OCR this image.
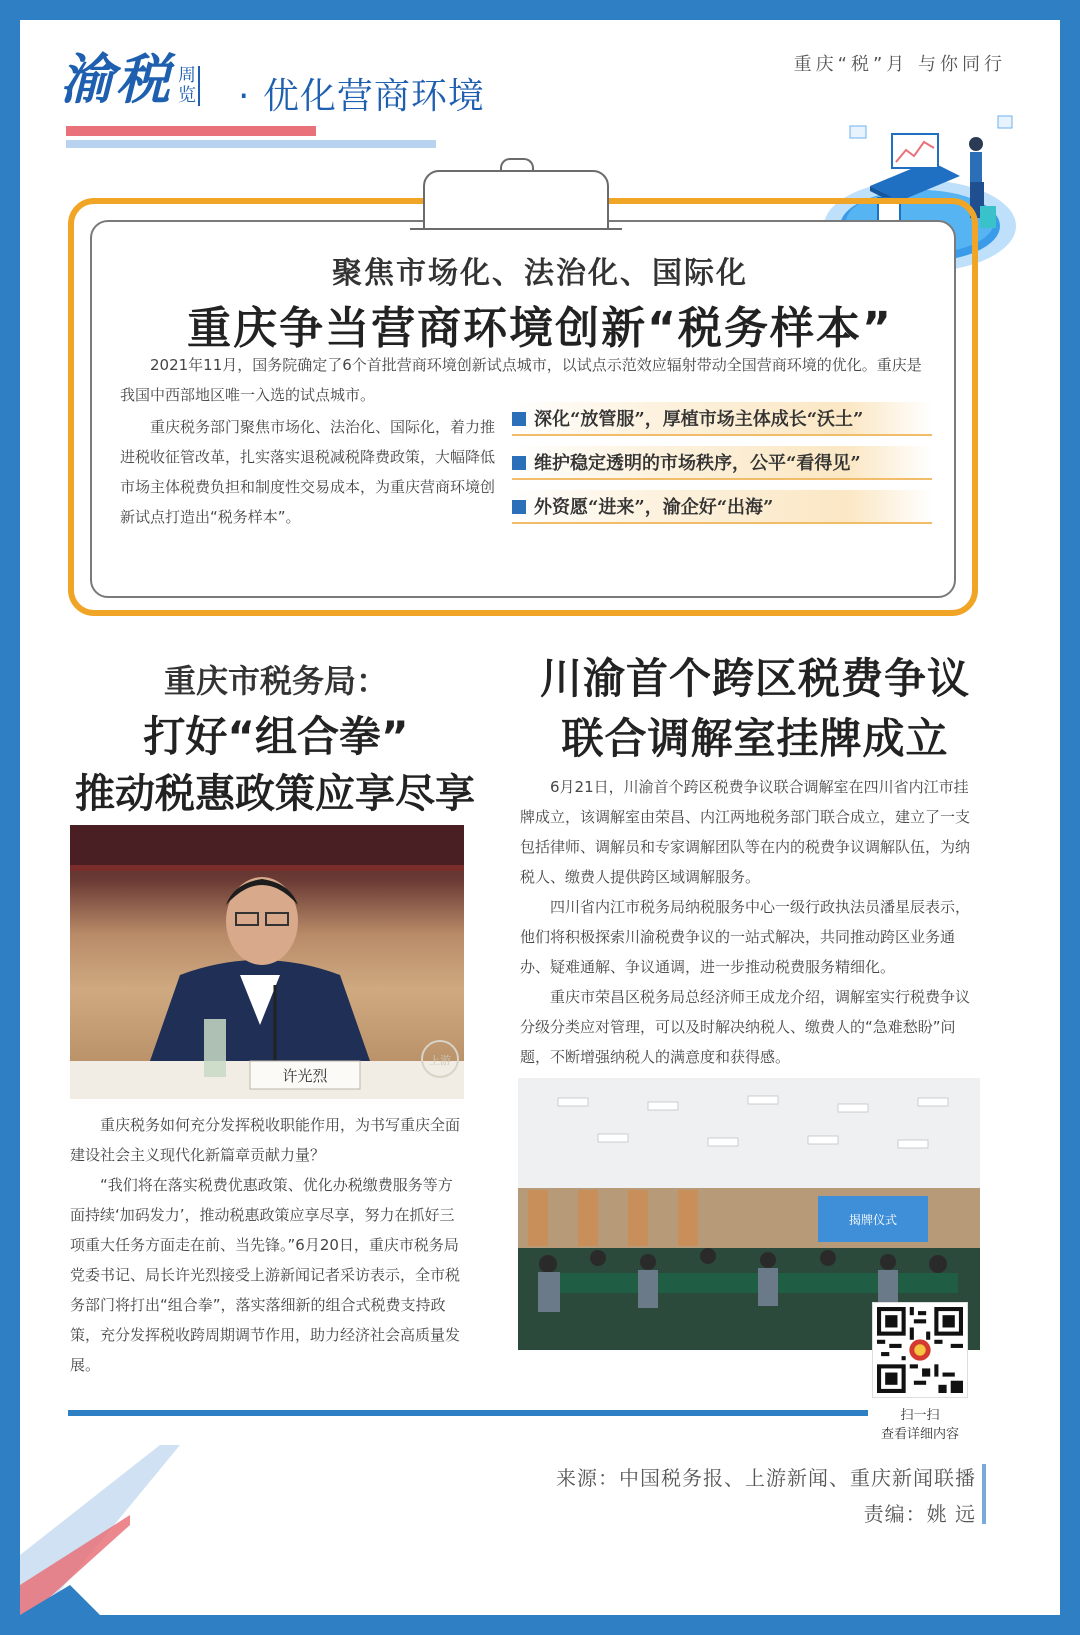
渝税 周览 · 优化营商环境
重庆“税”月 与你同行
聚焦市场化、法治化、国际化
重庆争当营商环境创新“税务样本”

2021年11月，国务院确定了6个首批营商环境创新试点城市，以试点示范效应辐射带动全国营商环境的优化。重庆是我国中西部地区唯一入选的试点城市。

重庆税务部门聚焦市场化、法治化、国际化，着力推进税收征管改革，扎实落实退税减税降费政策，大幅降低市场主体税费负担和制度性交易成本，为重庆营商环境创新试点打造出“税务样本”。

深化“放管服”，厚植市场主体成长“沃土”
维护稳定透明的市场秩序，公平“看得见”
外资愿“进来”，渝企好“出海”
重庆市税务局：
打好“组合拳”
推动税惠政策应享尽享
许光烈
上游

重庆税务如何充分发挥税收职能作用，为书写重庆全面建设社会主义现代化新篇章贡献力量？

“我们将在落实税费优惠政策、优化办税缴费服务等方面持续‘加码发力’，推动税惠政策应享尽享，努力在抓好三项重大任务方面走在前、当先锋。”6月20日，重庆市税务局党委书记、局长许光烈接受上游新闻记者采访表示，全市税务部门将打出“组合拳”，落实落细新的组合式税费支持政策，充分发挥税收跨周期调节作用，助力经济社会高质量发展。

川渝首个跨区税费争议
联合调解室挂牌成立

6月21日，川渝首个跨区税费争议联合调解室在四川省内江市挂牌成立，该调解室由荣昌、内江两地税务部门联合成立，建立了一支包括律师、调解员和专家调解团队等在内的税费争议调解队伍，为纳税人、缴费人提供跨区域调解服务。

四川省内江市税务局纳税服务中心一级行政执法员潘星辰表示，他们将积极探索川渝税费争议的一站式解决，共同推动跨区业务通办、疑难通解、争议通调，进一步推动税费服务精细化。

重庆市荣昌区税务局总经济师王成龙介绍，调解室实行税费争议分级分类应对管理，可以及时解决纳税人、缴费人的“急难愁盼”问题，不断增强纳税人的满意度和获得感。

揭牌仪式
扫一扫
查看详细内容
来源：中国税务报、上游新闻、重庆新闻联播
责编：姚 远
